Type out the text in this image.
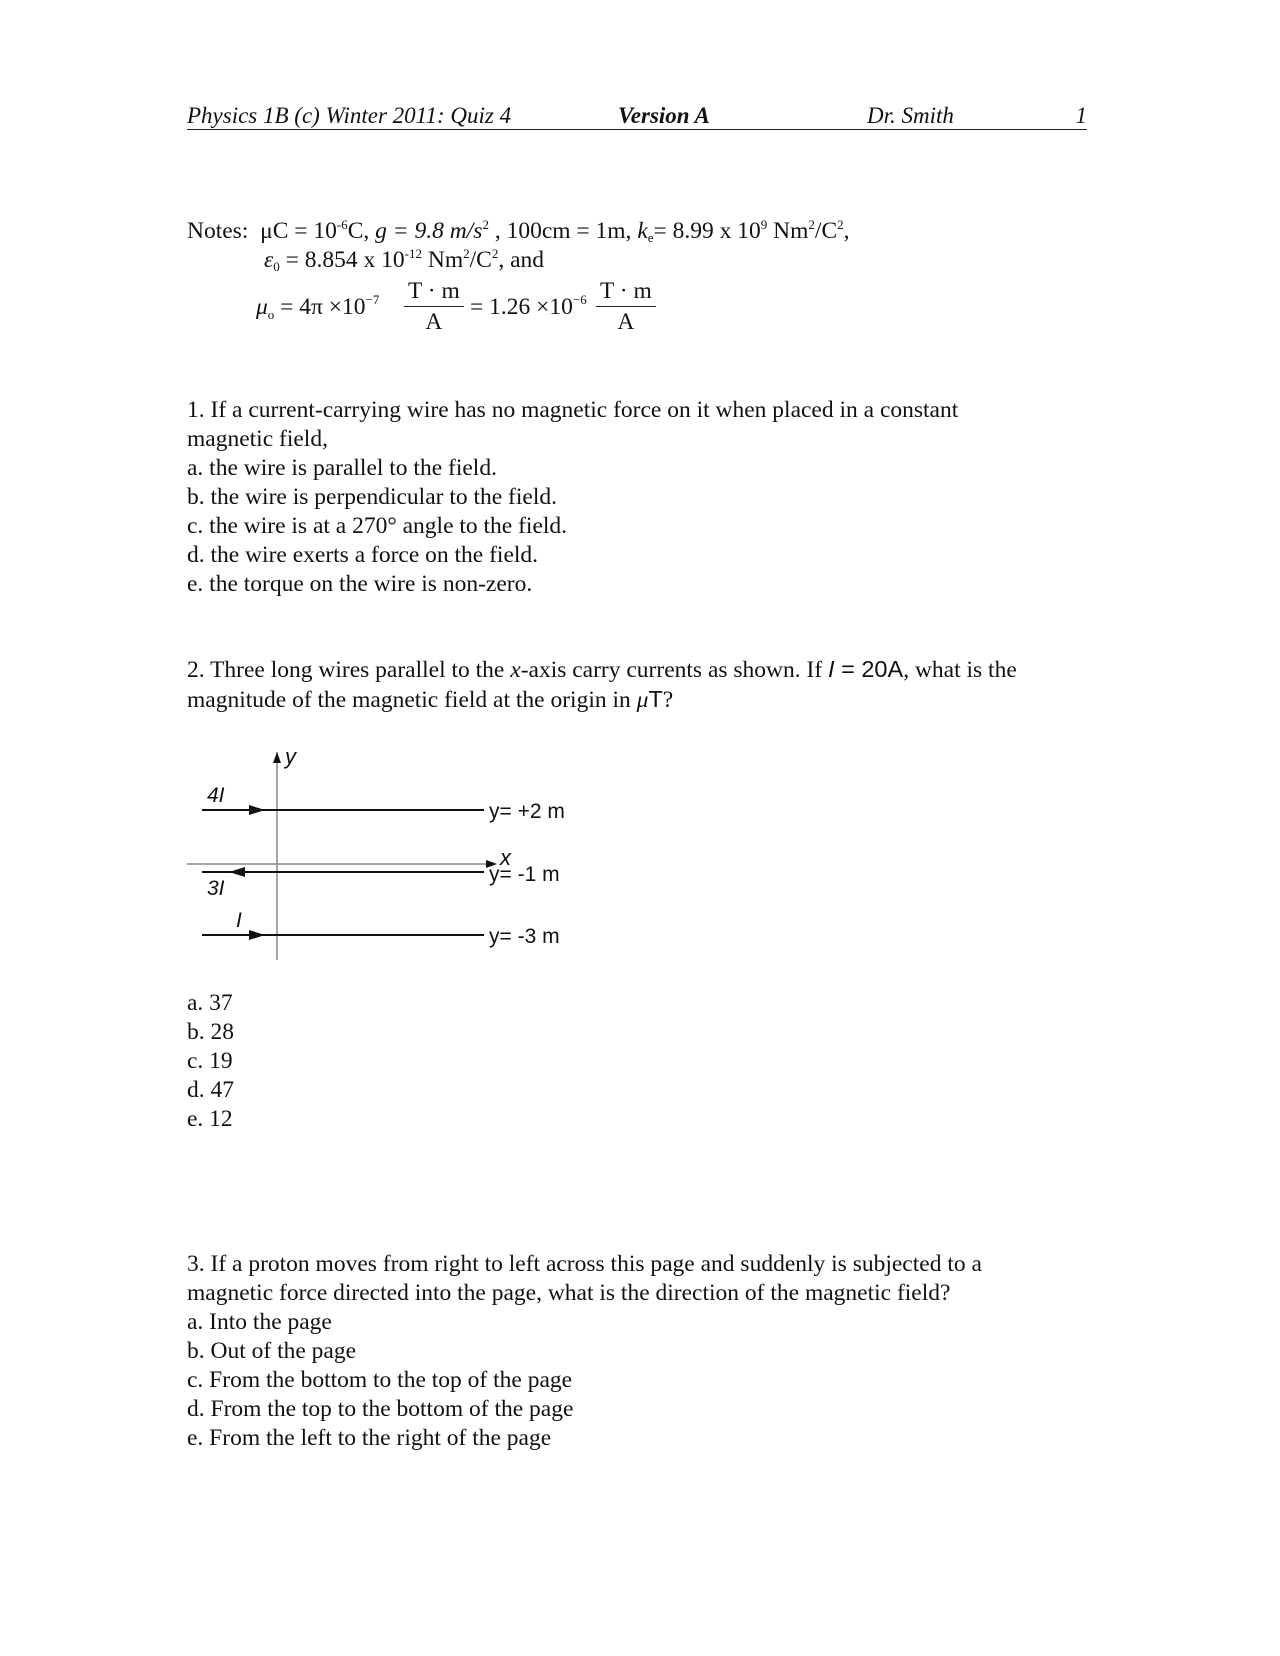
Physics 1B (c) Winter 2011: Quiz 4	Version A	Dr. Smith	1
Notes: $\mu C = 10^{-6}C$, g = 9.8 $m/s^2$ , 100cm = 1m, $k_e= 8.99$ x $10^9$ $Nm^2/C^2$,
$\varepsilon_0 = 8.854$ x $10^{-12}$ $Nm^2/C^2$, and
$\mu_o = 4\pi \times 10^{-7} \frac{T \cdot m}{A} = 1.26 \times 10^{-6} \frac{T \cdot m}{A}$

1. If a current-carrying wire has no magnetic force on it when placed in a constant

magnetic field,

a. the wire is parallel to the field.

b. the wire is perpendicular to the field.

c. the wire is at a 270° angle to the field.

d. the wire exerts a force on the field.

e. the torque on the wire is non-zero.

2. Three long wires parallel to the x-axis carry currents as shown. If I = 20A, what is the

magnitude of the magnetic field at the origin in μT?

y
x
4I
y= +2 m
3I
y= -1 m
I
y= -3 m

a. 37

b. 28

c. 19

d. 47

e. 12

3. If a proton moves from right to left across this page and suddenly is subjected to a

magnetic force directed into the page, what is the direction of the magnetic field?

a. Into the page

b. Out of the page

c. From the bottom to the top of the page

d. From the top to the bottom of the page

e. From the left to the right of the page
